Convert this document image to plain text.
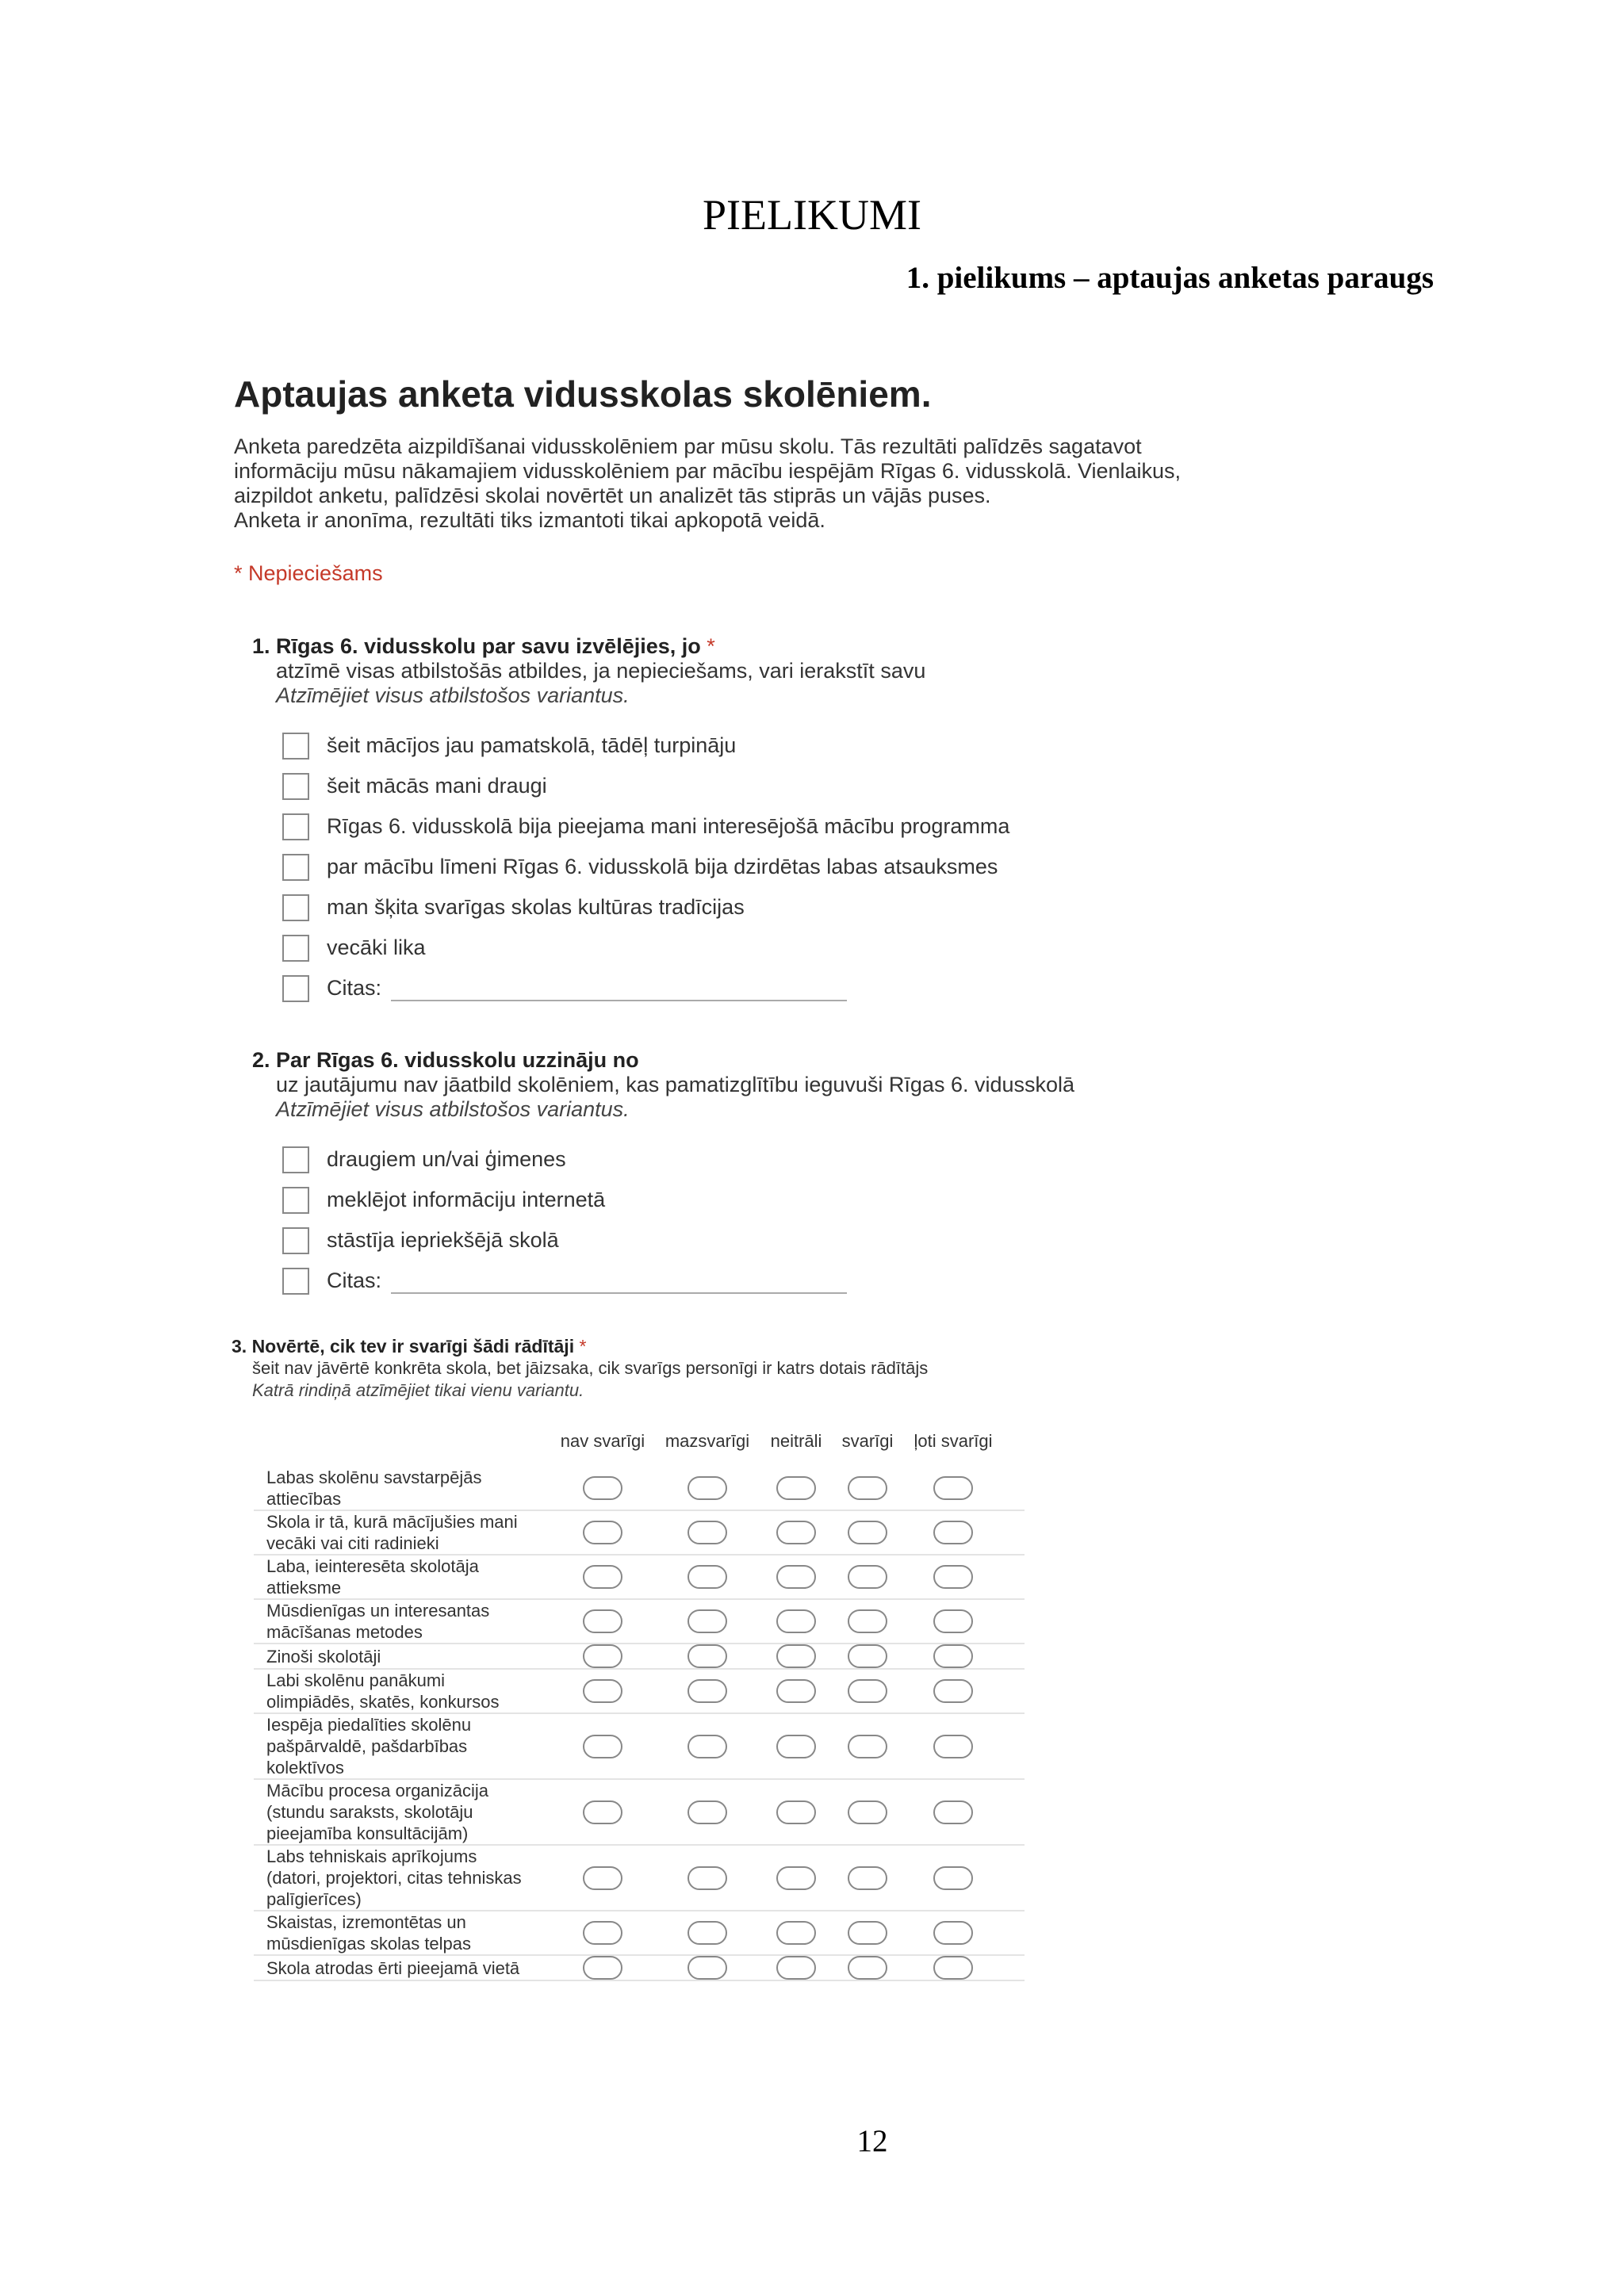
PIELIKUMI
1. pielikums – aptaujas anketas paraugs
Aptaujas anketa vidusskolas skolēniem.
Anketa paredzēta aizpildīšanai vidusskolēniem par mūsu skolu. Tās rezultāti palīdzēs sagatavot
informāciju mūsu nākamajiem vidusskolēniem par mācību iespējām Rīgas 6. vidusskolā. Vienlaikus,
aizpildot anketu, palīdzēsi skolai novērtēt un analizēt tās stiprās un vājās puses.
Anketa ir anonīma, rezultāti tiks izmantoti tikai apkopotā veidā.
* Nepieciešams
1. Rīgas 6. vidusskolu par savu izvēlējies, jo *
atzīmē visas atbilstošās atbildes, ja nepieciešams, vari ierakstīt savu
Atzīmējiet visus atbilstošos variantus.
šeit mācījos jau pamatskolā, tādēļ turpināju
šeit mācās mani draugi
Rīgas 6. vidusskolā bija pieejama mani interesējošā mācību programma
par mācību līmeni Rīgas 6. vidusskolā bija dzirdētas labas atsauksmes
man šķita svarīgas skolas kultūras tradīcijas
vecāki lika
Citas:
2. Par Rīgas 6. vidusskolu uzzināju no
uz jautājumu nav jāatbild skolēniem, kas pamatizglītību ieguvuši Rīgas 6. vidusskolā
Atzīmējiet visus atbilstošos variantus.
draugiem un/vai ģimenes
meklējot informāciju internetā
stāstīja iepriekšējā skolā
Citas:
3. Novērtē, cik tev ir svarīgi šādi rādītāji *
šeit nav jāvērtē konkrēta skola, bet jāizsaka, cik svarīgs personīgi ir katrs dotais rādītājs
Katrā rindiņā atzīmējiet tikai vienu variantu.
nav svarīgi mazsvarīgi neitrāli svarīgi ļoti svarīgi
Labas skolēnu savstarpējās
attiecības
Skola ir tā, kurā mācījušies mani
vecāki vai citi radinieki
Laba, ieinteresēta skolotāja
attieksme
Mūsdienīgas un interesantas
mācīšanas metodes
Zinoši skolotāji
Labi skolēnu panākumi
olimpiādēs, skatēs, konkursos
Iespēja piedalīties skolēnu
pašpārvaldē, pašdarbības
kolektīvos
Mācību procesa organizācija
(stundu saraksts, skolotāju
pieejamība konsultācijām)
Labs tehniskais aprīkojums
(datori, projektori, citas tehniskas
palīgierīces)
Skaistas, izremontētas un
mūsdienīgas skolas telpas
Skola atrodas ērti pieejamā vietā
12
